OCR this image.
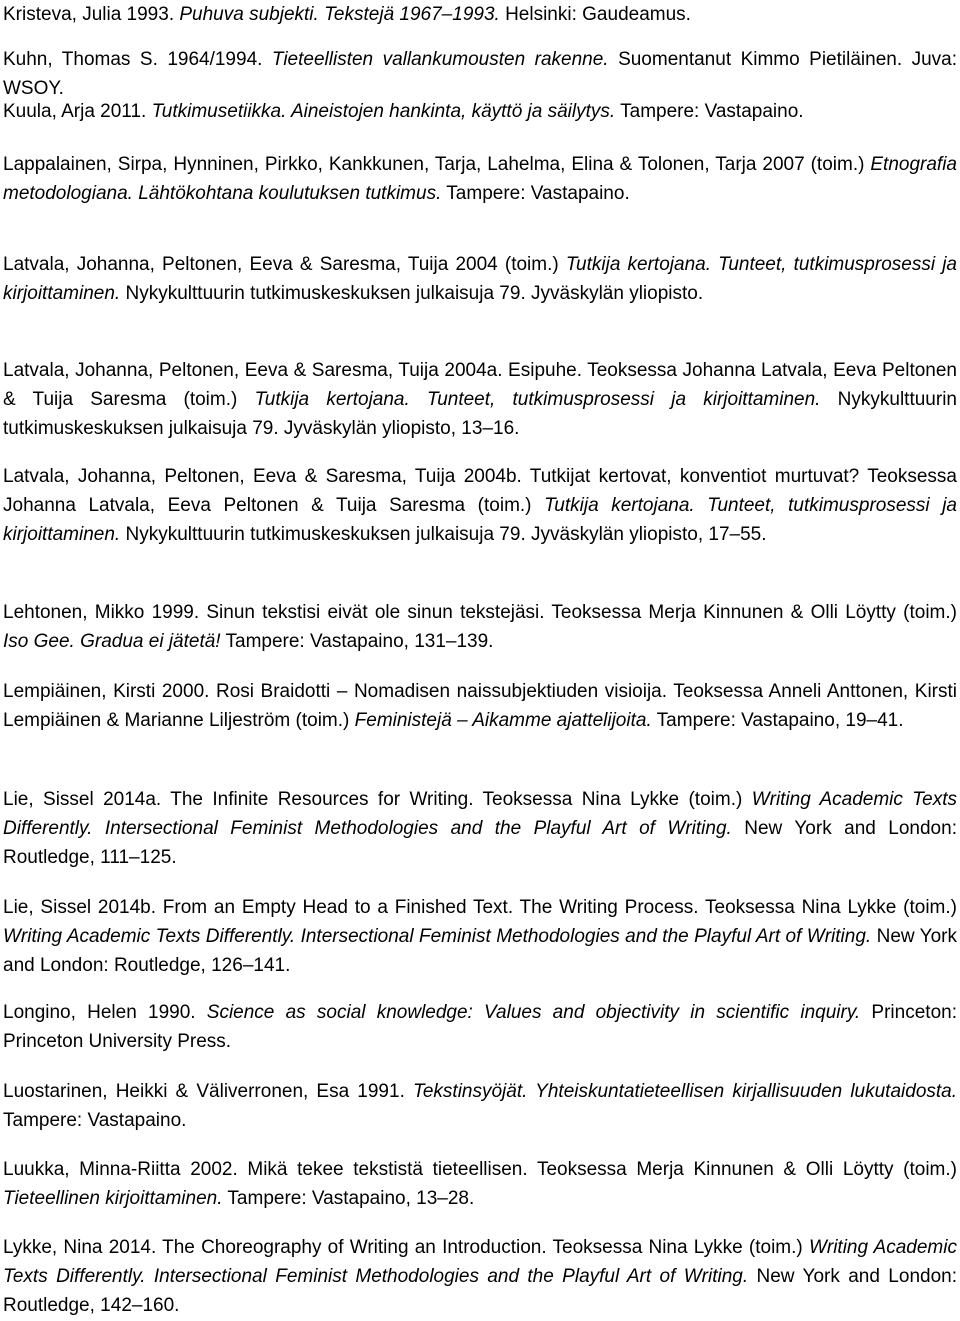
Kristeva, Julia 1993. Puhuva subjekti. Tekstejä 1967–1993. Helsinki: Gaudeamus.

Kuhn, Thomas S. 1964/1994. Tieteellisten vallankumousten rakenne. Suomentanut Kimmo Pietiläinen. Juva: WSOY.

Kuula, Arja 2011. Tutkimusetiikka. Aineistojen hankinta, käyttö ja säilytys. Tampere: Vastapaino.

Lappalainen, Sirpa, Hynninen, Pirkko, Kankkunen, Tarja, Lahelma, Elina & Tolonen, Tarja 2007 (toim.) Etnografia metodologiana. Lähtökohtana koulutuksen tutkimus. Tampere: Vastapaino.

Latvala, Johanna, Peltonen, Eeva & Saresma, Tuija 2004 (toim.) Tutkija kertojana. Tunteet, tutkimusprosessi ja kirjoittaminen. Nykykulttuurin tutkimuskeskuksen julkaisuja 79. Jyväskylän yliopisto.

Latvala, Johanna, Peltonen, Eeva & Saresma, Tuija 2004a. Esipuhe. Teoksessa Johanna Latvala, Eeva Peltonen & Tuija Saresma (toim.) Tutkija kertojana. Tunteet, tutkimusprosessi ja kirjoittaminen. Nykykulttuurin tutkimuskeskuksen julkaisuja 79. Jyväskylän yliopisto, 13–16.

Latvala, Johanna, Peltonen, Eeva & Saresma, Tuija 2004b. Tutkijat kertovat, konventiot murtuvat? Teoksessa Johanna Latvala, Eeva Peltonen & Tuija Saresma (toim.) Tutkija kertojana. Tunteet, tutkimusprosessi ja kirjoittaminen. Nykykulttuurin tutkimuskeskuksen julkaisuja 79. Jyväskylän yliopisto, 17–55.

Lehtonen, Mikko 1999. Sinun tekstisi eivät ole sinun tekstejäsi. Teoksessa Merja Kinnunen & Olli Löytty (toim.) Iso Gee. Gradua ei jätetä! Tampere: Vastapaino, 131–139.

Lempiäinen, Kirsti 2000. Rosi Braidotti – Nomadisen naissubjektiuden visioija. Teoksessa Anneli Anttonen, Kirsti Lempiäinen & Marianne Liljeström (toim.) Feministejä – Aikamme ajattelijoita. Tampere: Vastapaino, 19–41.

Lie, Sissel 2014a. The Infinite Resources for Writing. Teoksessa Nina Lykke (toim.) Writing Academic Texts Differently. Intersectional Feminist Methodologies and the Playful Art of Writing. New York and London: Routledge, 111–125.

Lie, Sissel 2014b. From an Empty Head to a Finished Text. The Writing Process. Teoksessa Nina Lykke (toim.) Writing Academic Texts Differently. Intersectional Feminist Methodologies and the Playful Art of Writing. New York and London: Routledge, 126–141.

Longino, Helen 1990. Science as social knowledge: Values and objectivity in scientific inquiry. Princeton: Princeton University Press.

Luostarinen, Heikki & Väliverronen, Esa 1991. Tekstinsyöjät. Yhteiskuntatieteellisen kirjallisuuden lukutaidosta. Tampere: Vastapaino.

Luukka, Minna-Riitta 2002. Mikä tekee tekstistä tieteellisen. Teoksessa Merja Kinnunen & Olli Löytty (toim.) Tieteellinen kirjoittaminen. Tampere: Vastapaino, 13–28.

Lykke, Nina 2014. The Choreography of Writing an Introduction. Teoksessa Nina Lykke (toim.) Writing Academic Texts Differently. Intersectional Feminist Methodologies and the Playful Art of Writing. New York and London: Routledge, 142–160.
